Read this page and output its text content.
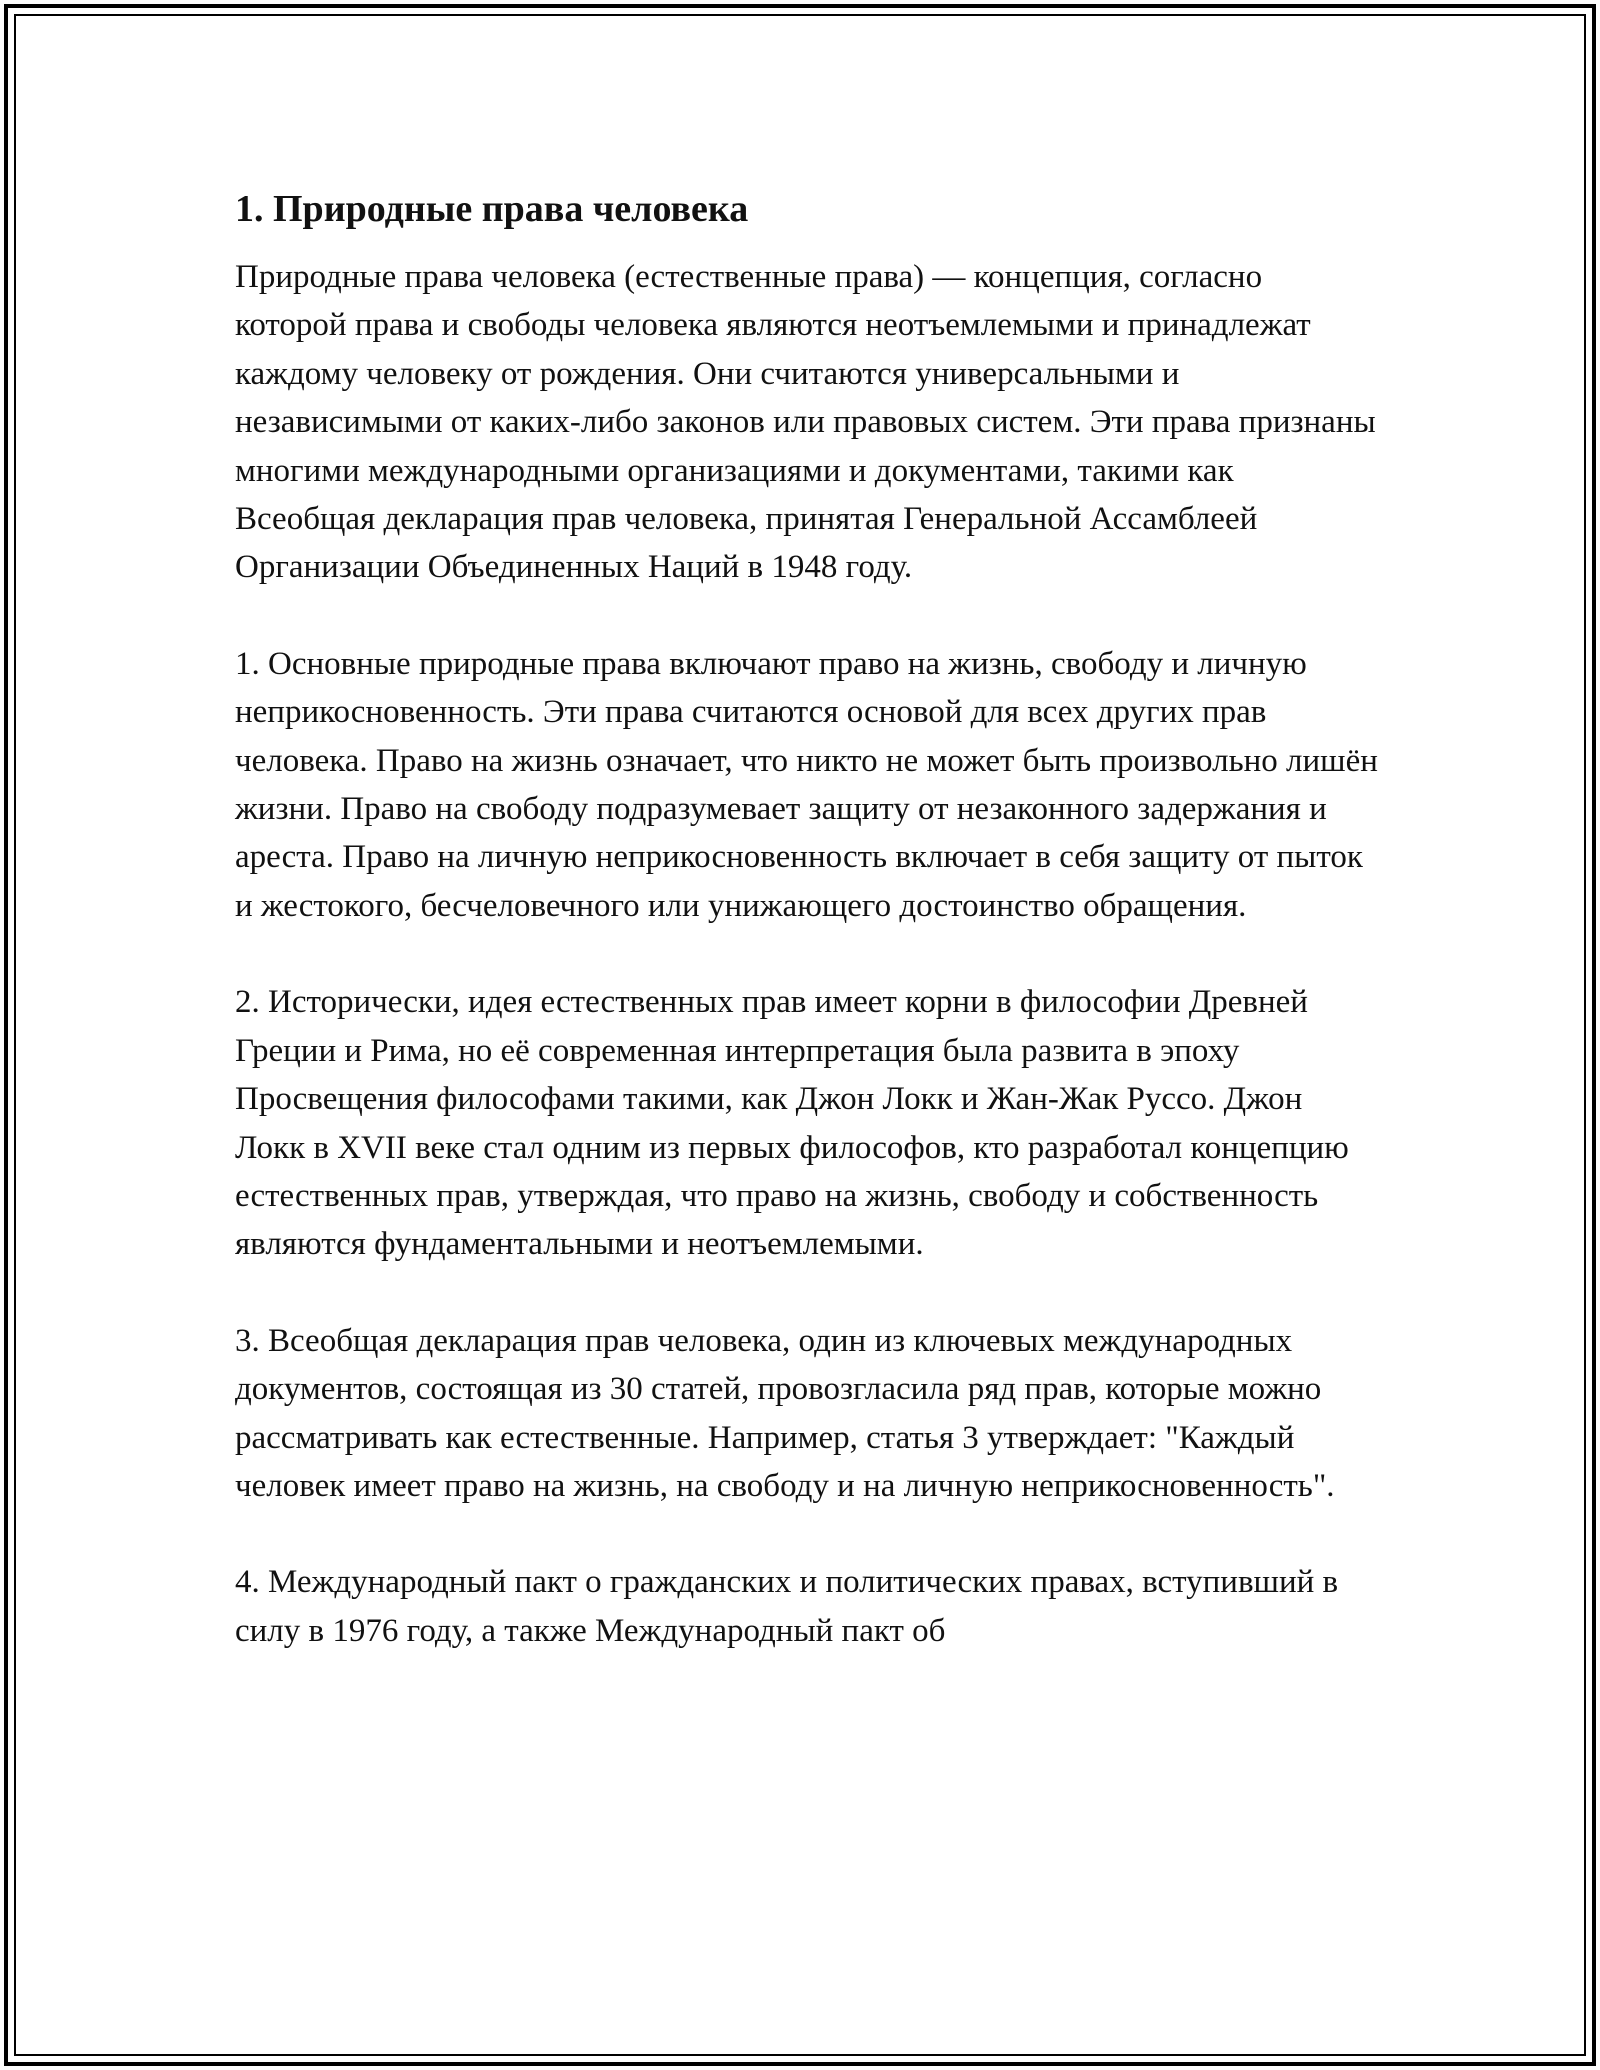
1. Природные права человека

Природные права человека (естественные права) — концепция, согласно которой права и свободы человека являются неотъемлемыми и принадлежат каждому человеку от рождения. Они считаются универсальными и независимыми от каких-либо законов или правовых систем. Эти права признаны многими международными организациями и документами, такими как Всеобщая декларация прав человека, принятая Генеральной Ассамблеей Организации Объединенных Наций в 1948 году.

1. Основные природные права включают право на жизнь, свободу и личную неприкосновенность. Эти права считаются основой для всех других прав человека. Право на жизнь означает, что никто не может быть произвольно лишён жизни. Право на свободу подразумевает защиту от незаконного задержания и ареста. Право на личную неприкосновенность включает в себя защиту от пыток и жестокого, бесчеловечного или унижающего достоинство обращения.

2. Исторически, идея естественных прав имеет корни в философии Древней Греции и Рима, но её современная интерпретация была развита в эпоху Просвещения философами такими, как Джон Локк и Жан-Жак Руссо. Джон Локк в XVII веке стал одним из первых философов, кто разработал концепцию естественных прав, утверждая, что право на жизнь, свободу и собственность являются фундаментальными и неотъемлемыми.

3. Всеобщая декларация прав человека, один из ключевых международных документов, состоящая из 30 статей, провозгласила ряд прав, которые можно рассматривать как естественные. Например, статья 3 утверждает: "Каждый человек имеет право на жизнь, на свободу и на личную неприкосновенность".

4. Международный пакт о гражданских и политических правах, вступивший в силу в 1976 году, а также Международный пакт об
